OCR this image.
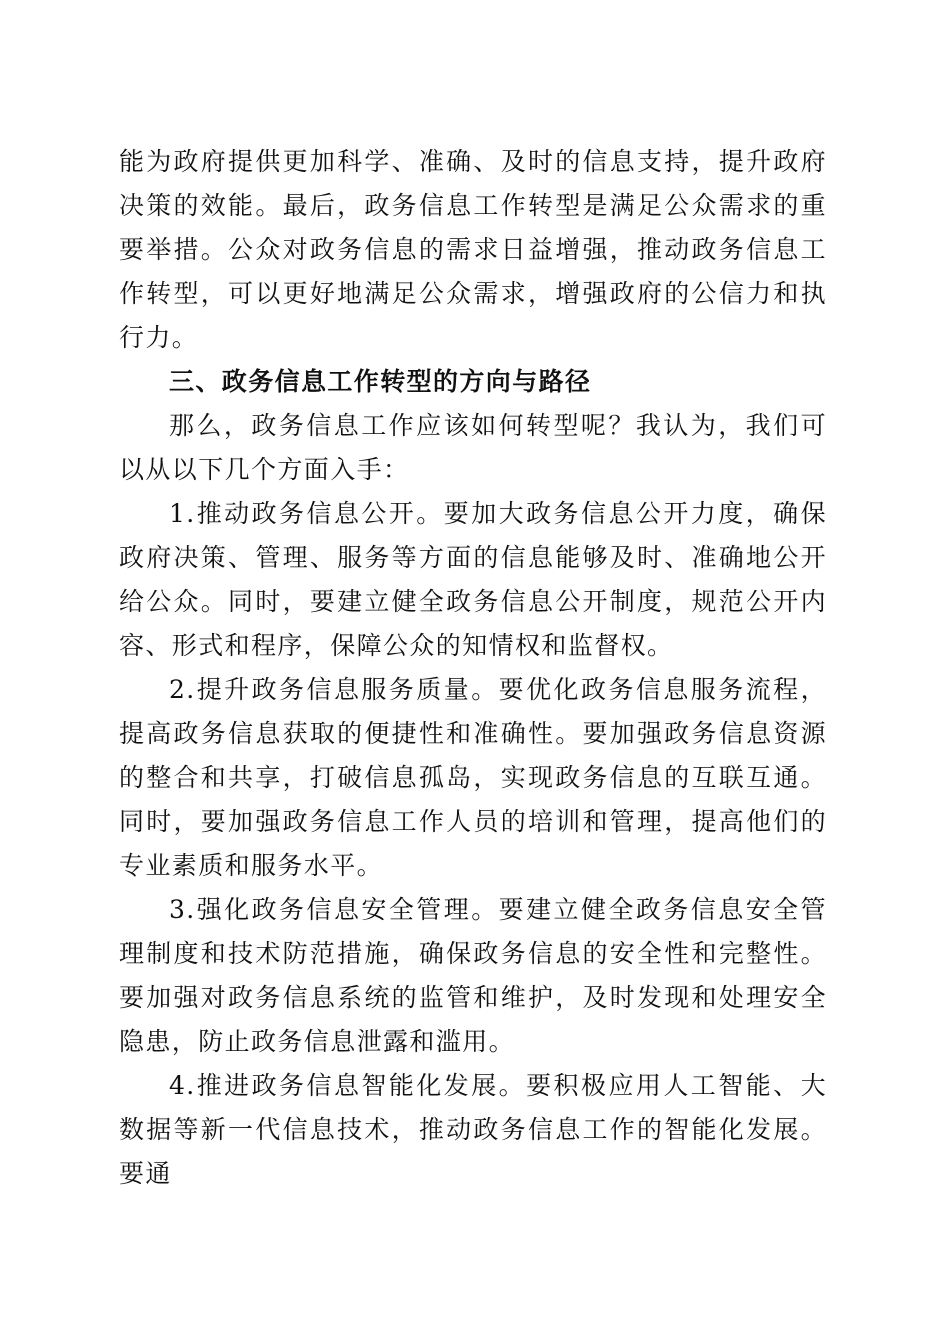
能为政府提供更加科学、准确、及时的信息支持，提升政府决策的效能。最后，政务信息工作转型是满足公众需求的重要举措。公众对政务信息的需求日益增强，推动政务信息工作转型，可以更好地满足公众需求，增强政府的公信力和执行力。

三、政务信息工作转型的方向与路径

那么，政务信息工作应该如何转型呢？我认为，我们可以从以下几个方面入手：

1.推动政务信息公开。要加大政务信息公开力度，确保政府决策、管理、服务等方面的信息能够及时、准确地公开给公众。同时，要建立健全政务信息公开制度，规范公开内容、形式和程序，保障公众的知情权和监督权。

2.提升政务信息服务质量。要优化政务信息服务流程，提高政务信息获取的便捷性和准确性。要加强政务信息资源的整合和共享，打破信息孤岛，实现政务信息的互联互通。同时，要加强政务信息工作人员的培训和管理，提高他们的专业素质和服务水平。

3.强化政务信息安全管理。要建立健全政务信息安全管理制度和技术防范措施，确保政务信息的安全性和完整性。要加强对政务信息系统的监管和维护，及时发现和处理安全隐患，防止政务信息泄露和滥用。

4.推进政务信息智能化发展。要积极应用人工智能、大数据等新一代信息技术，推动政务信息工作的智能化发展。要通
